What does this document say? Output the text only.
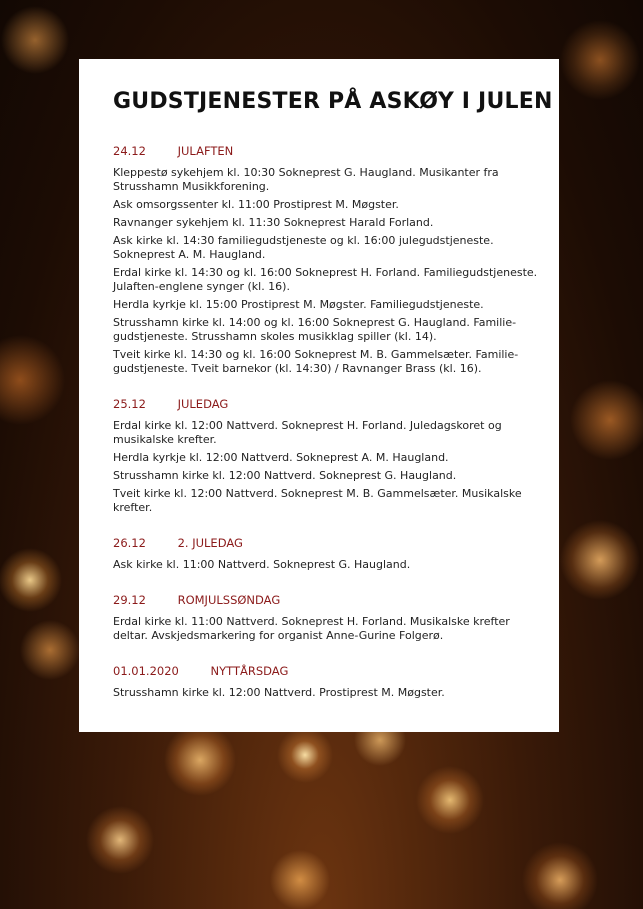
GUDSTJENESTER PÅ ASKØY I JULEN
24.12	JULAFTEN
Kleppestø sykehjem kl. 10:30 Sokneprest G. Haugland. Musikanter fra Strusshamn Musikkforening.
Ask omsorgssenter kl. 11:00 Prostiprest M. Møgster.
Ravnanger sykehjem kl. 11:30 Sokneprest Harald Forland.
Ask kirke kl. 14:30 familiegudstjeneste og kl. 16:00 julegudstjeneste. Sokneprest A. M. Haugland.
Erdal kirke kl. 14:30 og kl. 16:00 Sokneprest H. Forland. Familiegudstjeneste. Julaften-englene synger (kl. 16).
Herdla kyrkje kl. 15:00 Prostiprest M. Møgster. Familiegudstjeneste.
Strusshamn kirke kl. 14:00 og kl. 16:00 Sokneprest G. Haugland. Familie-gudstjeneste. Strusshamn skoles musikklag spiller (kl. 14).
Tveit kirke kl. 14:30 og kl. 16:00 Sokneprest M. B. Gammelsæter. Familie-gudstjeneste. Tveit barnekor (kl. 14:30) / Ravnanger Brass (kl. 16).
25.12	JULEDAG
Erdal kirke kl. 12:00 Nattverd. Sokneprest H. Forland. Juledagskoret og musikalske krefter.
Herdla kyrkje kl. 12:00 Nattverd. Sokneprest A. M. Haugland.
Strusshamn kirke kl. 12:00 Nattverd. Sokneprest G. Haugland.
Tveit kirke kl. 12:00 Nattverd. Sokneprest M. B. Gammelsæter. Musikalske krefter.
26.12	2. JULEDAG
Ask kirke kl. 11:00 Nattverd. Sokneprest G. Haugland.
29.12	ROMJULSSØNDAG
Erdal kirke kl. 11:00 Nattverd. Sokneprest H. Forland. Musikalske krefter deltar. Avskjedsmarkering for organist Anne-Gurine Folgerø.
01.01.2020	NYTTÅRSDAG
Strusshamn kirke kl. 12:00 Nattverd. Prostiprest M. Møgster.
